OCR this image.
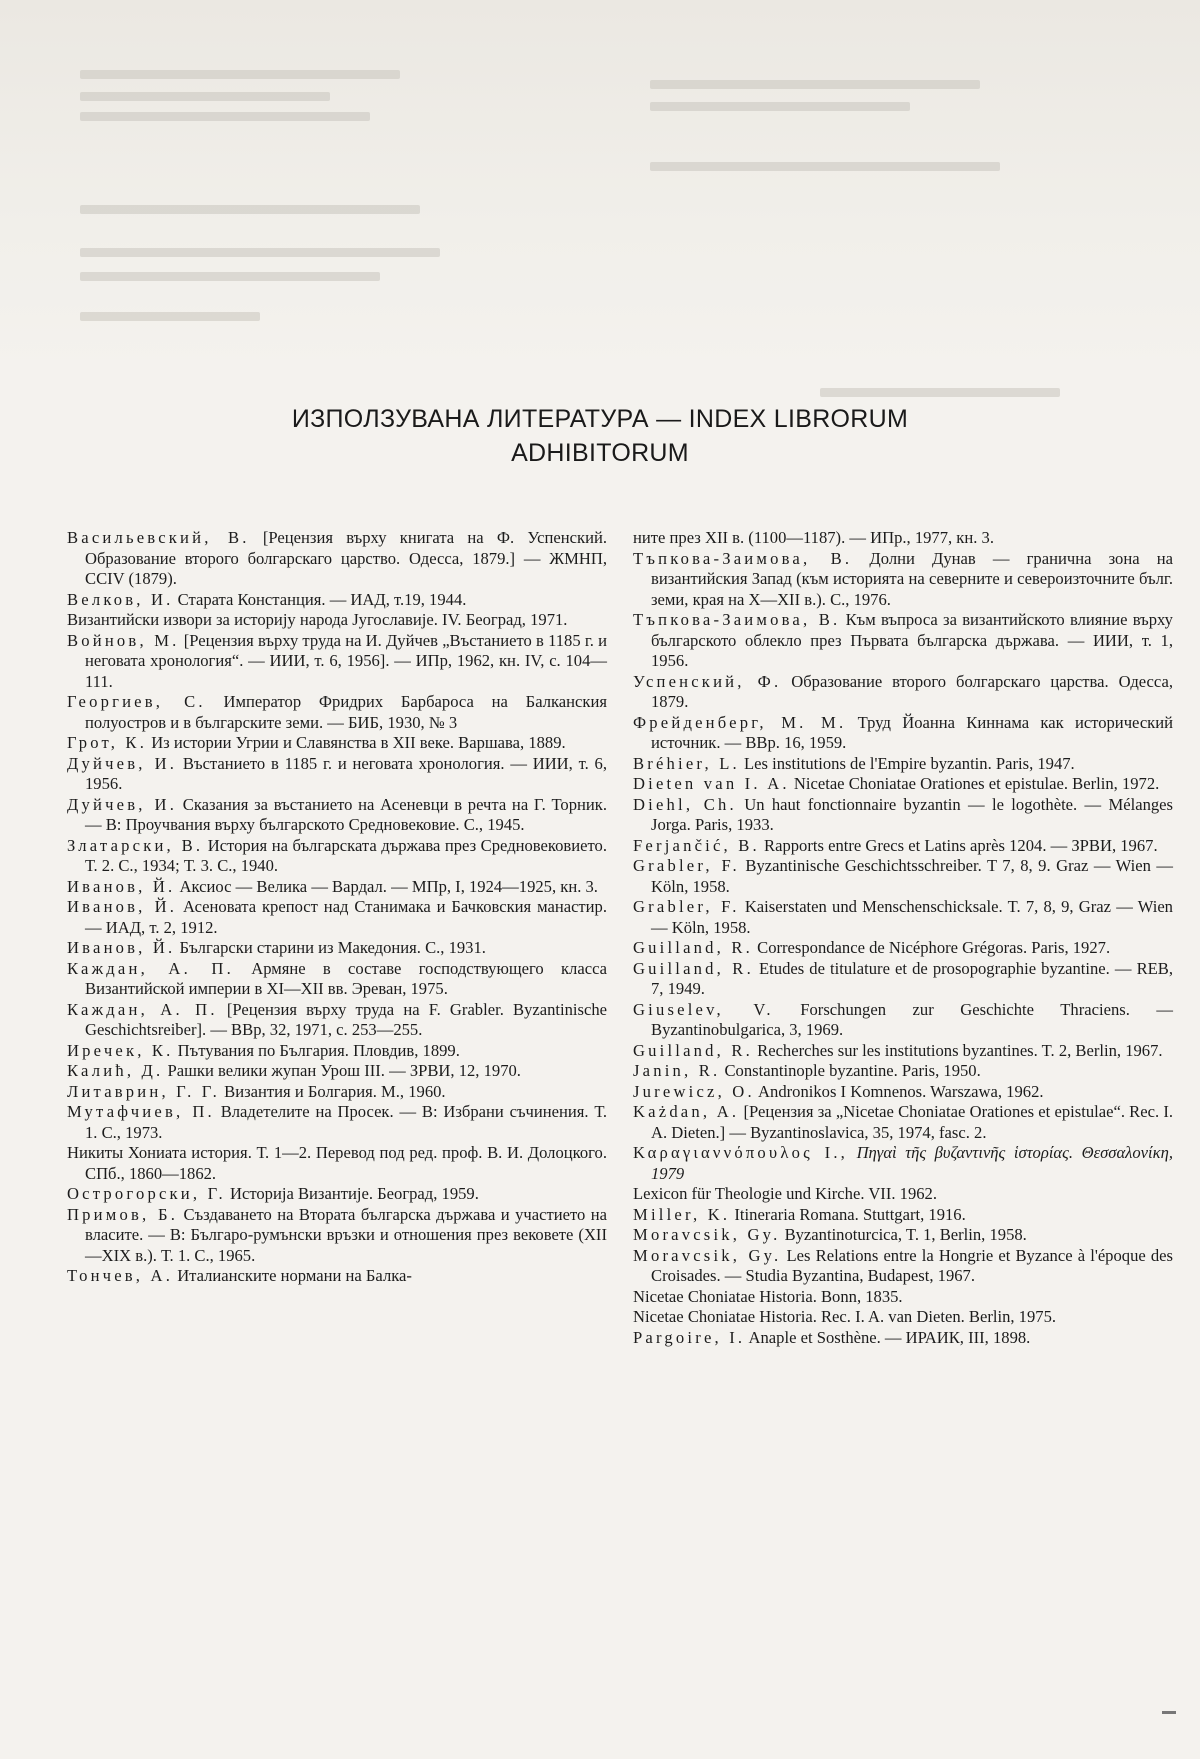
ИЗПОЛЗУВАНА ЛИТЕРАТУРА — INDEX LIBRORUM
ADHIBITORUM

Васильевский, В. [Рецензия върху книгата на Ф. Успенский. Образование второго болгарскаго царство. Одесса, 1879.] — ЖМНП, CCIV (1879).

Велков, И. Старата Констанция. — ИАД, т.19, 1944.

Византийски извори за историју народа Југославије. IV. Београд, 1971.

Войнов, М. [Рецензия върху труда на И. Дуйчев „Въстанието в 1185 г. и неговата хронология“. — ИИИ, т. 6, 1956]. — ИПр, 1962, кн. IV, с. 104—111.

Георгиев, С. Император Фридрих Барбароса на Балканския полуостров и в българските земи. — БИБ, 1930, № 3

Грот, К. Из истории Угрии и Славянства в XII веке. Варшава, 1889.

Дуйчев, И. Въстанието в 1185 г. и неговата хронология. — ИИИ, т. 6, 1956.

Дуйчев, И. Сказания за въстанието на Асеневци в речта на Г. Торник. — В: Проучвания върху българското Средновековие. С., 1945.

Златарски, В. История на българската държава през Средновековието. Т. 2. С., 1934; Т. 3. С., 1940.

Иванов, Й. Аксиос — Велика — Вардал. — МПр, I, 1924—1925, кн. 3.

Иванов, Й. Асеновата крепост над Станимака и Бачковския манастир. — ИАД, т. 2, 1912.

Иванов, Й. Български старини из Македония. С., 1931.

Каждан, А. П. Армяне в составе господствующего класса Византийской империи в XI—XII вв. Эреван, 1975.

Каждан, А. П. [Рецензия върху труда на F. Grabler. Byzantinische Geschichtsreiber]. — ВВр, 32, 1971, с. 253—255.

Иречек, К. Пътувания по България. Пловдив, 1899.

Калић, Д. Рашки велики жупан Урош III. — ЗРВИ, 12, 1970.

Литаврин, Г. Г. Византия и Болгария. М., 1960.

Мутафчиев, П. Владетелите на Просек. — В: Избрани съчинения. Т. 1. С., 1973.

Никиты Хониата история. Т. 1—2. Перевод под ред. проф. В. И. Долоцкого. СПб., 1860—1862.

Острогорски, Г. Историја Византије. Београд, 1959.

Примов, Б. Създаването на Втората българска държава и участието на власите. — В: Българо-румънски връзки и отношения през вековете (XII—XIX в.). Т. 1. С., 1965.

Тончев, А. Италианските нормани на Балка-

ните през XII в. (1100—1187). — ИПр., 1977, кн. 3.

Тъпкова-Заимова, В. Долни Дунав — гранична зона на византийския Запад (към историята на северните и североизточните бълг. земи, края на X—XII в.). С., 1976.

Тъпкова-Заимова, В. Към въпроса за византийското влияние върху българското облекло през Първата българска държава. — ИИИ, т. 1, 1956.

Успенский, Ф. Образование второго болгарскаго царства. Одесса, 1879.

Фрейденберг, М. М. Труд Йоанна Киннама как исторический источник. — ВВр. 16, 1959.

Bréhier, L. Les institutions de l'Empire byzantin. Paris, 1947.

Dieten van I. A. Nicetae Choniatae Orationes et epistulae. Berlin, 1972.

Diehl, Ch. Un haut fonctionnaire byzantin — le logothète. — Mélanges Jorga. Paris, 1933.

Ferjančić, B. Rapports entre Grecs et Latins après 1204. — ЗРВИ, 1967.

Grabler, F. Byzantinische Geschichtsschreiber. T 7, 8, 9. Graz — Wien — Köln, 1958.

Grabler, F. Kaiserstaten und Menschenschicksale. T. 7, 8, 9, Graz — Wien — Köln, 1958.

Guilland, R. Correspondance de Nicéphore Grégoras. Paris, 1927.

Guilland, R. Etudes de titulature et de prosopographie byzantine. — REB, 7, 1949.

Giuselev, V. Forschungen zur Geschichte Thraciens. — Byzantinobulgarica, 3, 1969.

Guilland, R. Recherches sur les institutions byzantines. T. 2, Berlin, 1967.

Janin, R. Constantinople byzantine. Paris, 1950.

Jurewicz, O. Andronikos I Komnenos. Warszawa, 1962.

Każdan, A. [Рецензия за „Nicetae Choniatae Orationes et epistulae“. Rec. I. A. Dieten.] — Byzantinoslavica, 35, 1974, fasc. 2.

Καραγιαννόπουλος Ι., Πηγαὶ τῆς βυζαντινῆς ἱστορίας. Θεσσαλονίκη, 1979

Lexicon für Theologie und Kirche. VII. 1962.

Miller, K. Itineraria Romana. Stuttgart, 1916.

Moravcsik, Gy. Byzantinoturcica, T. 1, Berlin, 1958.

Moravcsik, Gy. Les Relations entre la Hongrie et Byzance à l'époque des Croisades. — Studia Byzantina, Budapest, 1967.

Nicetae Choniatae Historia. Bonn, 1835.

Nicetae Choniatae Historia. Rec. I. A. van Dieten. Berlin, 1975.

Pargoire, I. Anaple et Sosthène. — ИРАИК, III, 1898.
